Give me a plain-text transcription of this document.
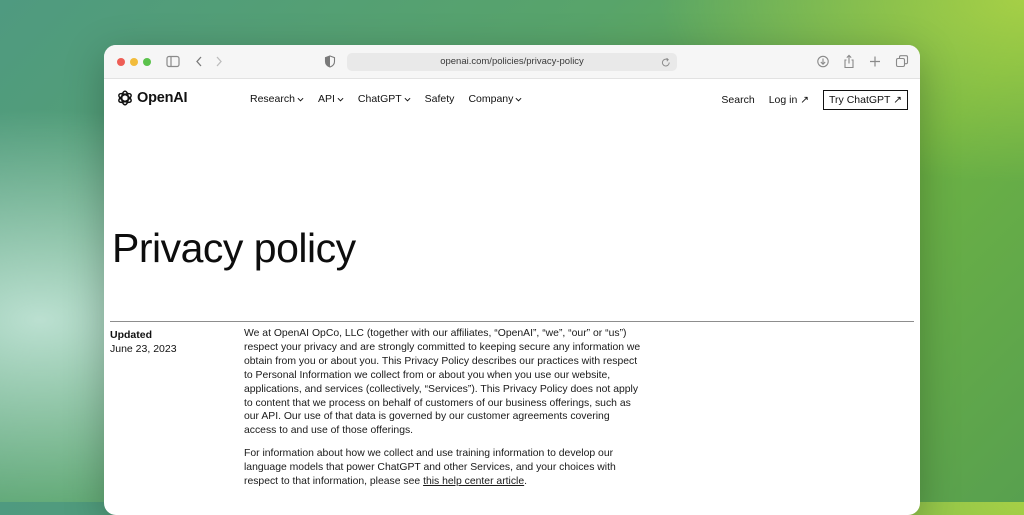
openai.com/policies/privacy-policy
OpenAI	Research API ChatGPT Safety Company	Search Log in ↗	Try ChatGPT ↗
Privacy policy
Updated
June 23, 2023

We at OpenAI OpCo, LLC (together with our affiliates, “OpenAI”, “we”, “our” or “us”) respect your privacy and are strongly committed to keeping secure any information we obtain from you or about you. This Privacy Policy describes our practices with respect to Personal Information we collect from or about you when you use our website, applications, and services (collectively, “Services”). This Privacy Policy does not apply to content that we process on behalf of customers of our business offerings, such as our API. Our use of that data is governed by our customer agreements covering access to and use of those offerings.

For information about how we collect and use training information to develop our language models that power ChatGPT and other Services, and your choices with respect to that information, please see this help center article.
